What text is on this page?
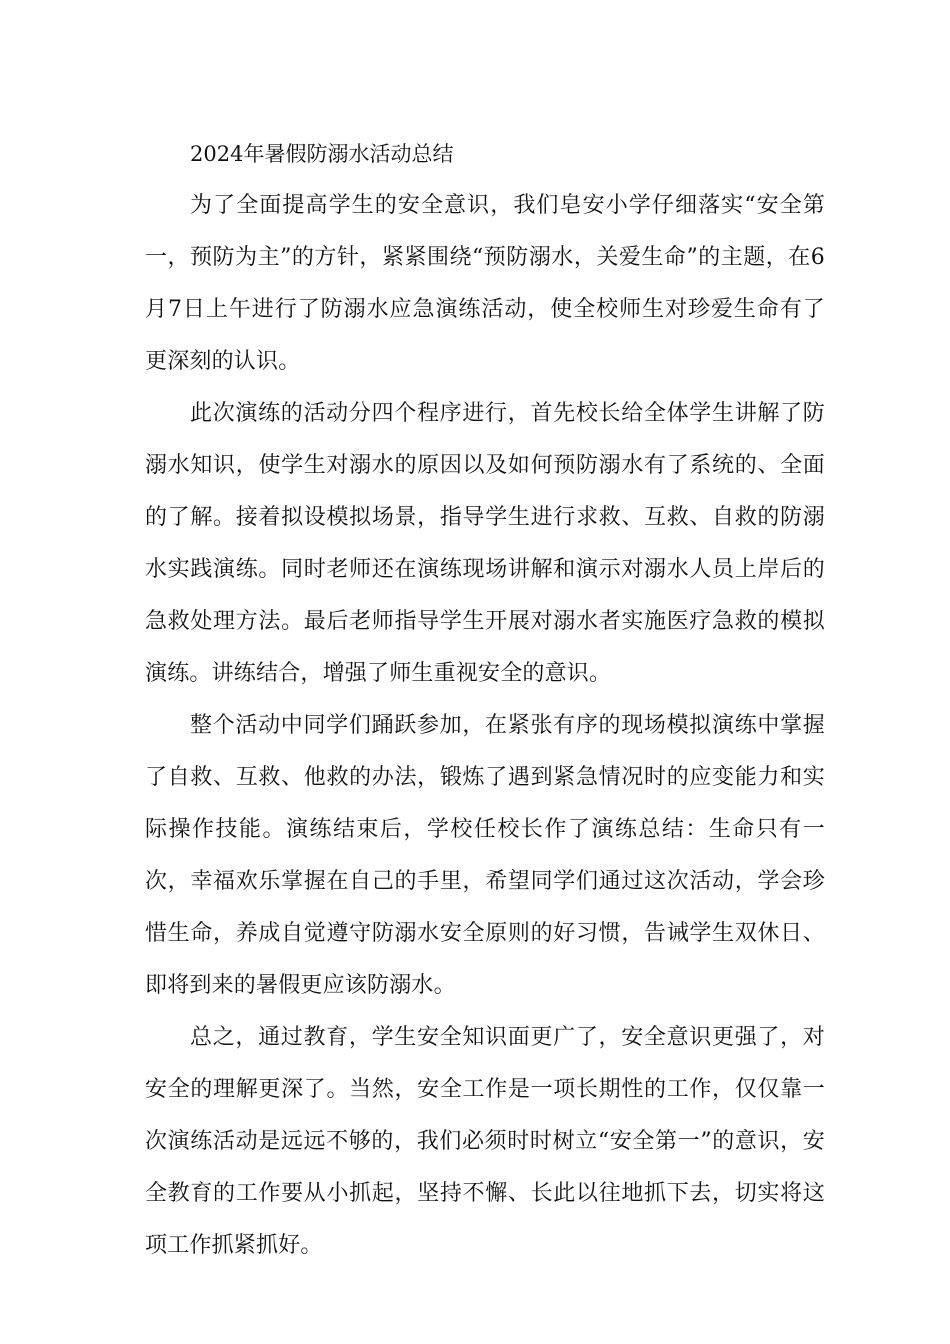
2024年暑假防溺水活动总结

为了全面提高学生的安全意识，我们皂安小学仔细落实“安全第一，预防为主”的方针，紧紧围绕“预防溺水，关爱生命”的主题，在6月7日上午进行了防溺水应急演练活动，使全校师生对珍爱生命有了更深刻的认识。

此次演练的活动分四个程序进行，首先校长给全体学生讲解了防溺水知识，使学生对溺水的原因以及如何预防溺水有了系统的、全面的了解。接着拟设模拟场景，指导学生进行求救、互救、自救的防溺水实践演练。同时老师还在演练现场讲解和演示对溺水人员上岸后的急救处理方法。最后老师指导学生开展对溺水者实施医疗急救的模拟演练。讲练结合，增强了师生重视安全的意识。

整个活动中同学们踊跃参加，在紧张有序的现场模拟演练中掌握了自救、互救、他救的办法，锻炼了遇到紧急情况时的应变能力和实际操作技能。演练结束后，学校任校长作了演练总结：生命只有一次，幸福欢乐掌握在自己的手里，希望同学们通过这次活动，学会珍惜生命，养成自觉遵守防溺水安全原则的好习惯，告诫学生双休日、即将到来的暑假更应该防溺水。

总之，通过教育，学生安全知识面更广了，安全意识更强了，对安全的理解更深了。当然，安全工作是一项长期性的工作，仅仅靠一次演练活动是远远不够的，我们必须时时树立“安全第一”的意识，安全教育的工作要从小抓起，坚持不懈、长此以往地抓下去，切实将这项工作抓紧抓好。
